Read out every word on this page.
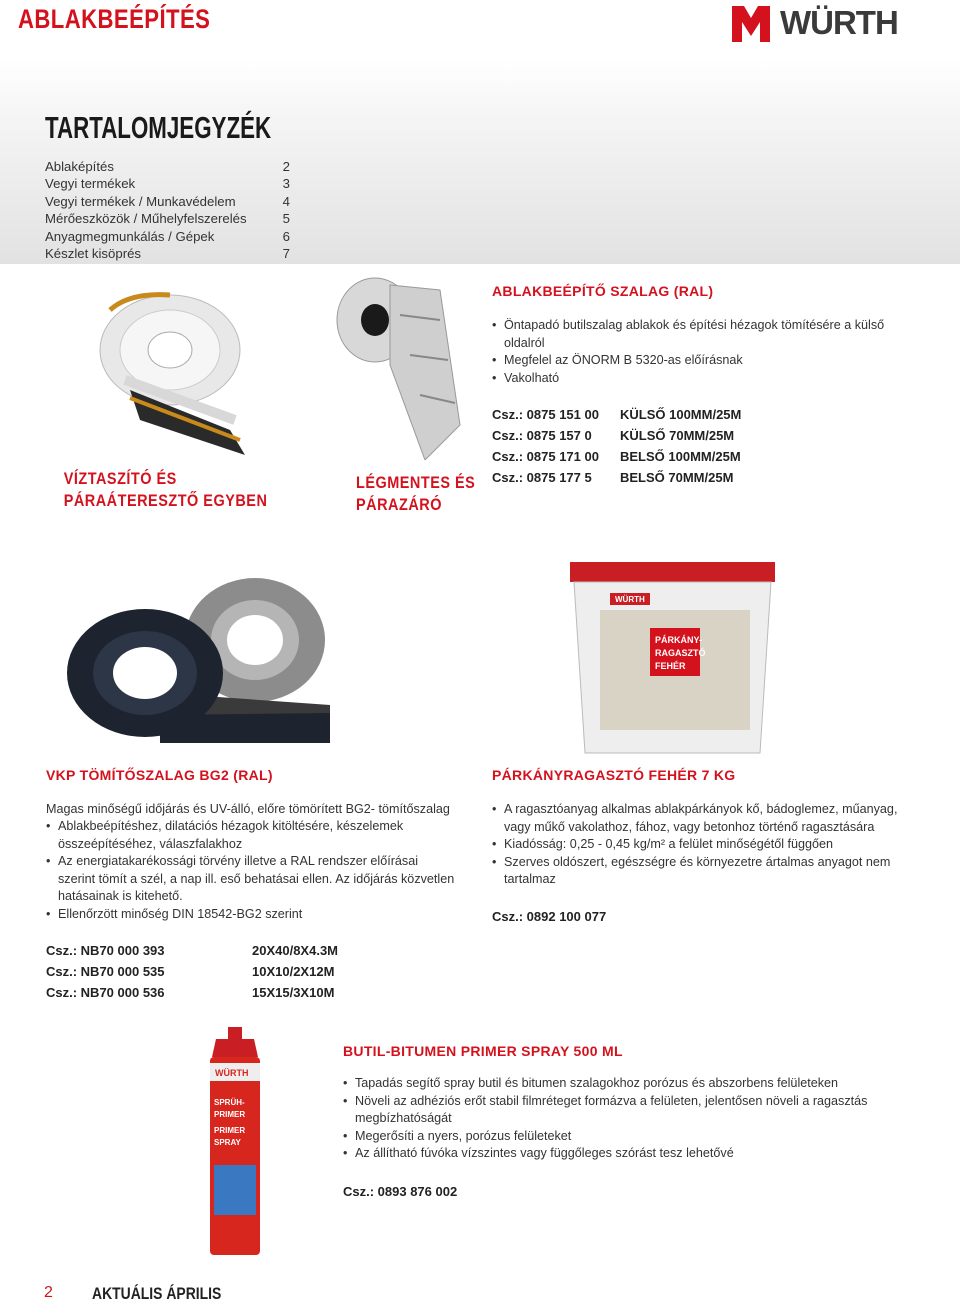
ABLAKBEÉPÍTÉS	WÜRTH
TARTALOMJEGYZÉK
Ablaképítés	2
Vegyi termékek	3
Vegyi termékek / Munkavédelem	4
Mérőeszközök / Műhelyfelszerelés	5
Anyagmegmunkálás / Gépek	6
Készlet kisöprés	7
VÍZTASZÍTÓ ÉS
PÁRAÁTERESZTŐ EGYBEN
LÉGMENTES ÉS
PÁRAZÁRÓ
ABLAKBEÉPÍTŐ SZALAG (RAL)
• Öntapadó butilszalag ablakok és építési hézagok tömítésére a külső oldalról
• Megfelel az ÖNORM B 5320-as előírásnak
• Vakolható
Csz.: 0875 151 00 KÜLSŐ 100MM/25M
Csz.: 0875 157 0 KÜLSŐ 70MM/25M
Csz.: 0875 171 00 BELSŐ 100MM/25M
Csz.: 0875 177 5 BELSŐ 70MM/25M
WÜRTH
PÁRKÁNY-
RAGASZTÓ
FEHÉR
VKP TÖMÍTŐSZALAG BG2 (RAL)
Magas minőségű időjárás és UV-álló, előre tömörített BG2- tömítőszalag
• Ablakbeépítéshez, dilatációs hézagok kitöltésére, készelemek összeépítéséhez, válaszfalakhoz
• Az energiatakarékossági törvény illetve a RAL rendszer előírásai szerint tömít a szél, a nap ill. eső behatásai ellen. Az időjárás közvetlen hatásainak is kitehető.
• Ellenőrzött minőség DIN 18542-BG2 szerint
Csz.: NB70 000 393	20X40/8X4.3M
Csz.: NB70 000 535	10X10/2X12M
Csz.: NB70 000 536	15X15/3X10M
PÁRKÁNYRAGASZTÓ FEHÉR 7 KG
• A ragasztóanyag alkalmas ablakpárkányok kő, bádoglemez, műanyag, vagy műkő vakolathoz, fához, vagy betonhoz történő ragasztására
• Kiadósság: 0,25 - 0,45 kg/m² a felület minőségétől függően
• Szerves oldószert, egészségre és környezetre ártalmas anyagot nem tartalmaz
Csz.: 0892 100 077
WÜRTH
SPRÜH-
PRIMER
PRIMER
SPRAY
BUTIL-BITUMEN PRIMER SPRAY 500 ML
• Tapadás segítő spray butil és bitumen szalagokhoz porózus és abszorbens felületeken
• Növeli az adhéziós erőt stabil filmréteget formázva a felületen, jelentősen növeli a ragasztás megbízhatóságát
• Megerősíti a nyers, porózus felületeket
• Az állítható fúvóka vízszintes vagy függőleges szórást tesz lehetővé
Csz.: 0893 876 002
2 AKTUÁLIS ÁPRILIS
